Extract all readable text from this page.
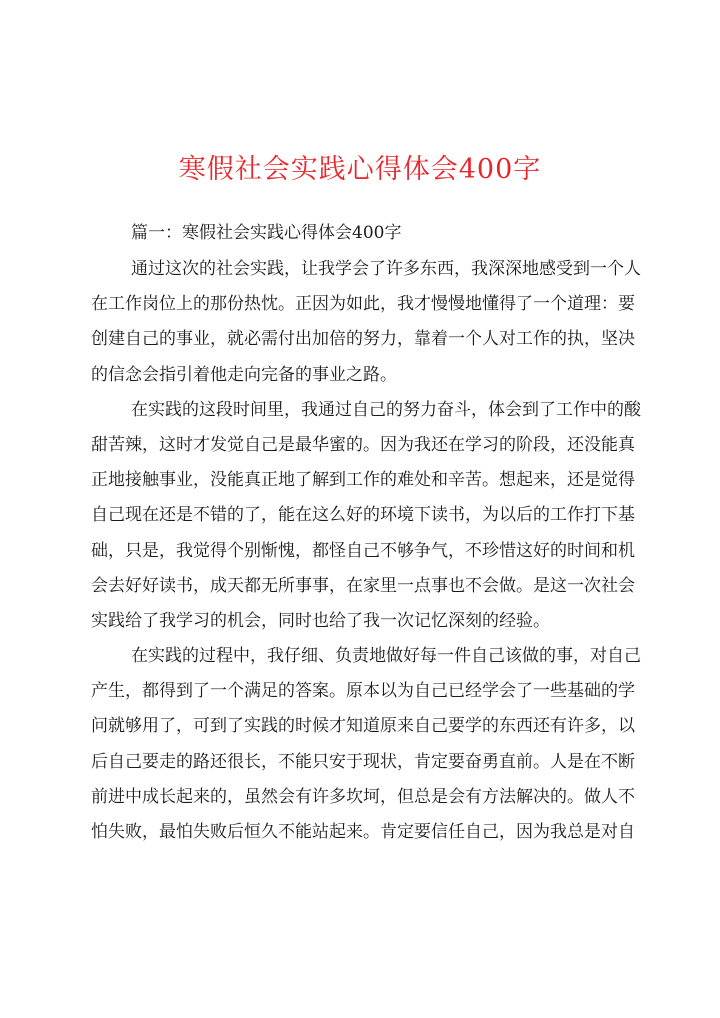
寒假社会实践心得体会400字
篇一：寒假社会实践心得体会400字
通过这次的社会实践，让我学会了许多东西，我深深地感受到一个人
在工作岗位上的那份热忱。正因为如此，我才慢慢地懂得了一个道理：要
创建自己的事业，就必需付出加倍的努力，靠着一个人对工作的执，坚决
的信念会指引着他走向完备的事业之路。
在实践的这段时间里，我通过自己的努力奋斗，体会到了工作中的酸
甜苦辣，这时才发觉自己是最华蜜的。因为我还在学习的阶段，还没能真
正地接触事业，没能真正地了解到工作的难处和辛苦。想起来，还是觉得
自己现在还是不错的了，能在这么好的环境下读书，为以后的工作打下基
础，只是，我觉得个别惭愧，都怪自己不够争气，不珍惜这好的时间和机
会去好好读书，成天都无所事事，在家里一点事也不会做。是这一次社会
实践给了我学习的机会，同时也给了我一次记忆深刻的经验。
在实践的过程中，我仔细、负责地做好每一件自己该做的事，对自己
产生，都得到了一个满足的答案。原本以为自己已经学会了一些基础的学
问就够用了，可到了实践的时候才知道原来自己要学的东西还有许多，以
后自己要走的路还很长，不能只安于现状，肯定要奋勇直前。人是在不断
前进中成长起来的，虽然会有许多坎坷，但总是会有方法解决的。做人不
怕失败，最怕失败后恒久不能站起来。肯定要信任自己，因为我总是对自
